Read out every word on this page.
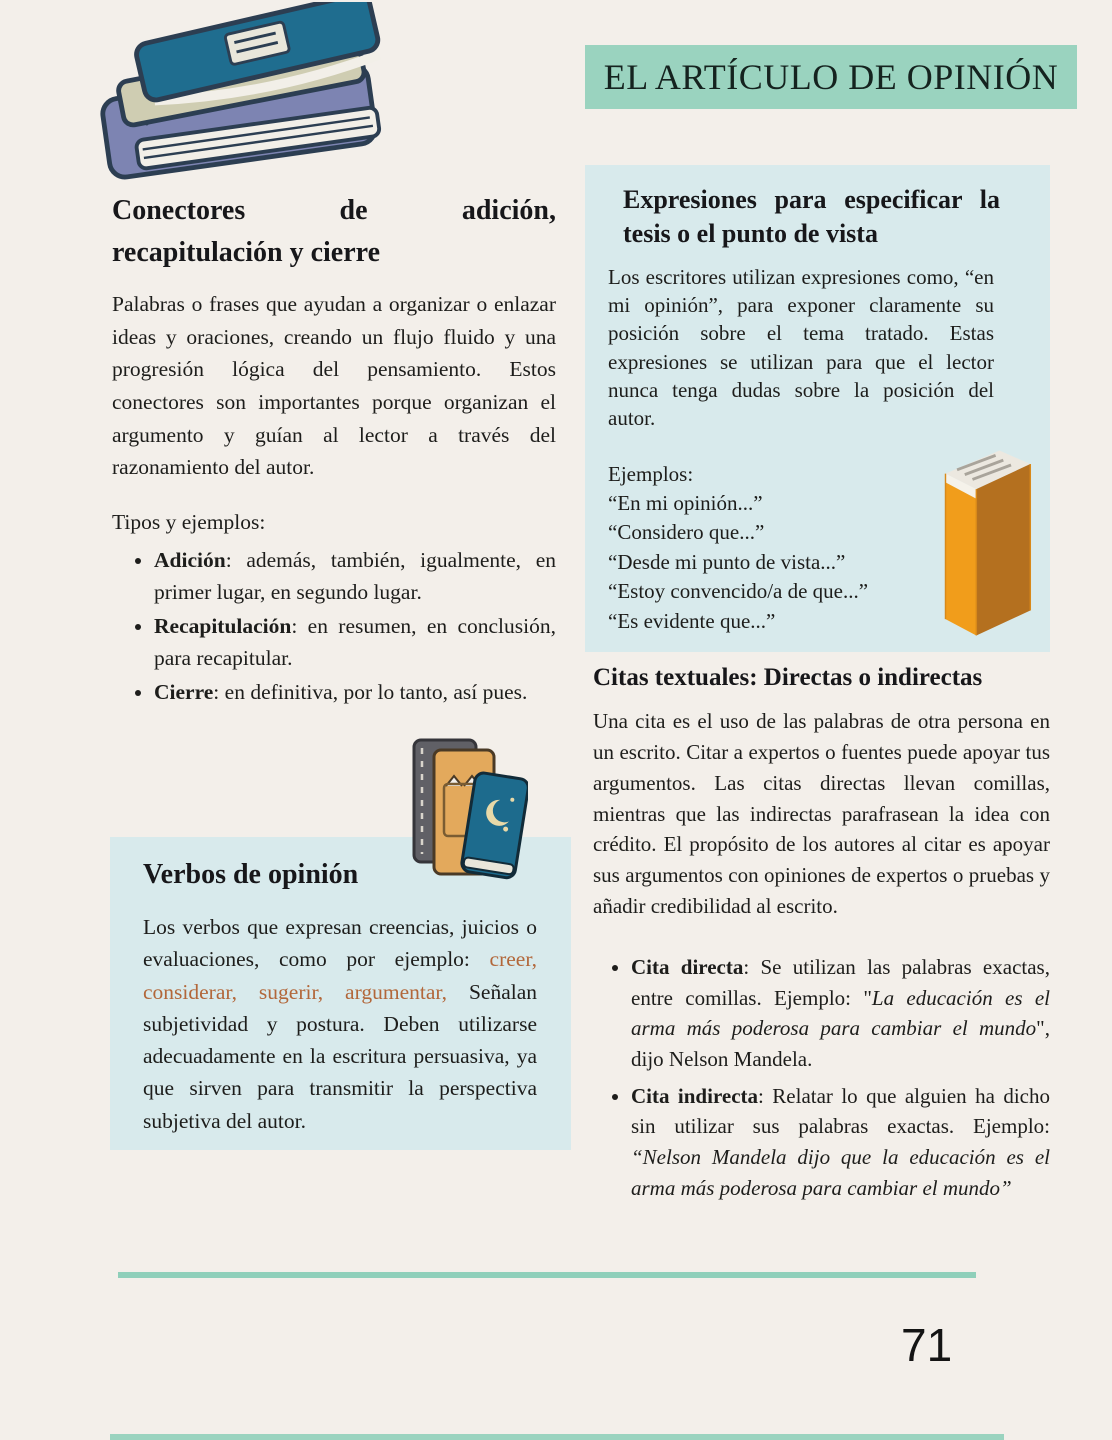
EL ARTÍCULO DE OPINIÓN
Conectores de adición, recapitulación y cierre

Palabras o frases que ayudan a organizar o enlazar ideas y oraciones, creando un flujo fluido y una progresión lógica del pensamiento. Estos conectores son importantes porque organizan el argumento y guían al lector a través del razonamiento del autor.

Tipos y ejemplos:

• Adición: además, también, igualmente, en primer lugar, en segundo lugar.
• Recapitulación: en resumen, en conclusión, para recapitular.
• Cierre: en definitiva, por lo tanto, así pues.
Expresiones para especificar la tesis o el punto de vista

Los escritores utilizan expresiones como, “en mi opinión”, para exponer claramente su posición sobre el tema tratado. Estas expresiones se utilizan para que el lector nunca tenga dudas sobre la posición del autor.

Ejemplos:
“En mi opinión...”
“Considero que...”
“Desde mi punto de vista...”
“Estoy convencido/a de que...”
“Es evidente que...”
Citas textuales: Directas o indirectas

Una cita es el uso de las palabras de otra persona en un escrito. Citar a expertos o fuentes puede apoyar tus argumentos. Las citas directas llevan comillas, mientras que las indirectas parafrasean la idea con crédito. El propósito de los autores al citar es apoyar sus argumentos con opiniones de expertos o pruebas y añadir credibilidad al escrito.

• Cita directa: Se utilizan las palabras exactas, entre comillas. Ejemplo: "La educación es el arma más poderosa para cambiar el mundo", dijo Nelson Mandela.
• Cita indirecta: Relatar lo que alguien ha dicho sin utilizar sus palabras exactas. Ejemplo: “Nelson Mandela dijo que la educación es el arma más poderosa para cambiar el mundo”
Verbos de opinión

Los verbos que expresan creencias, juicios o evaluaciones, como por ejemplo: creer, considerar, sugerir, argumentar, Señalan subjetividad y postura. Deben utilizarse adecuadamente en la escritura persuasiva, ya que sirven para transmitir la perspectiva subjetiva del autor.

71
